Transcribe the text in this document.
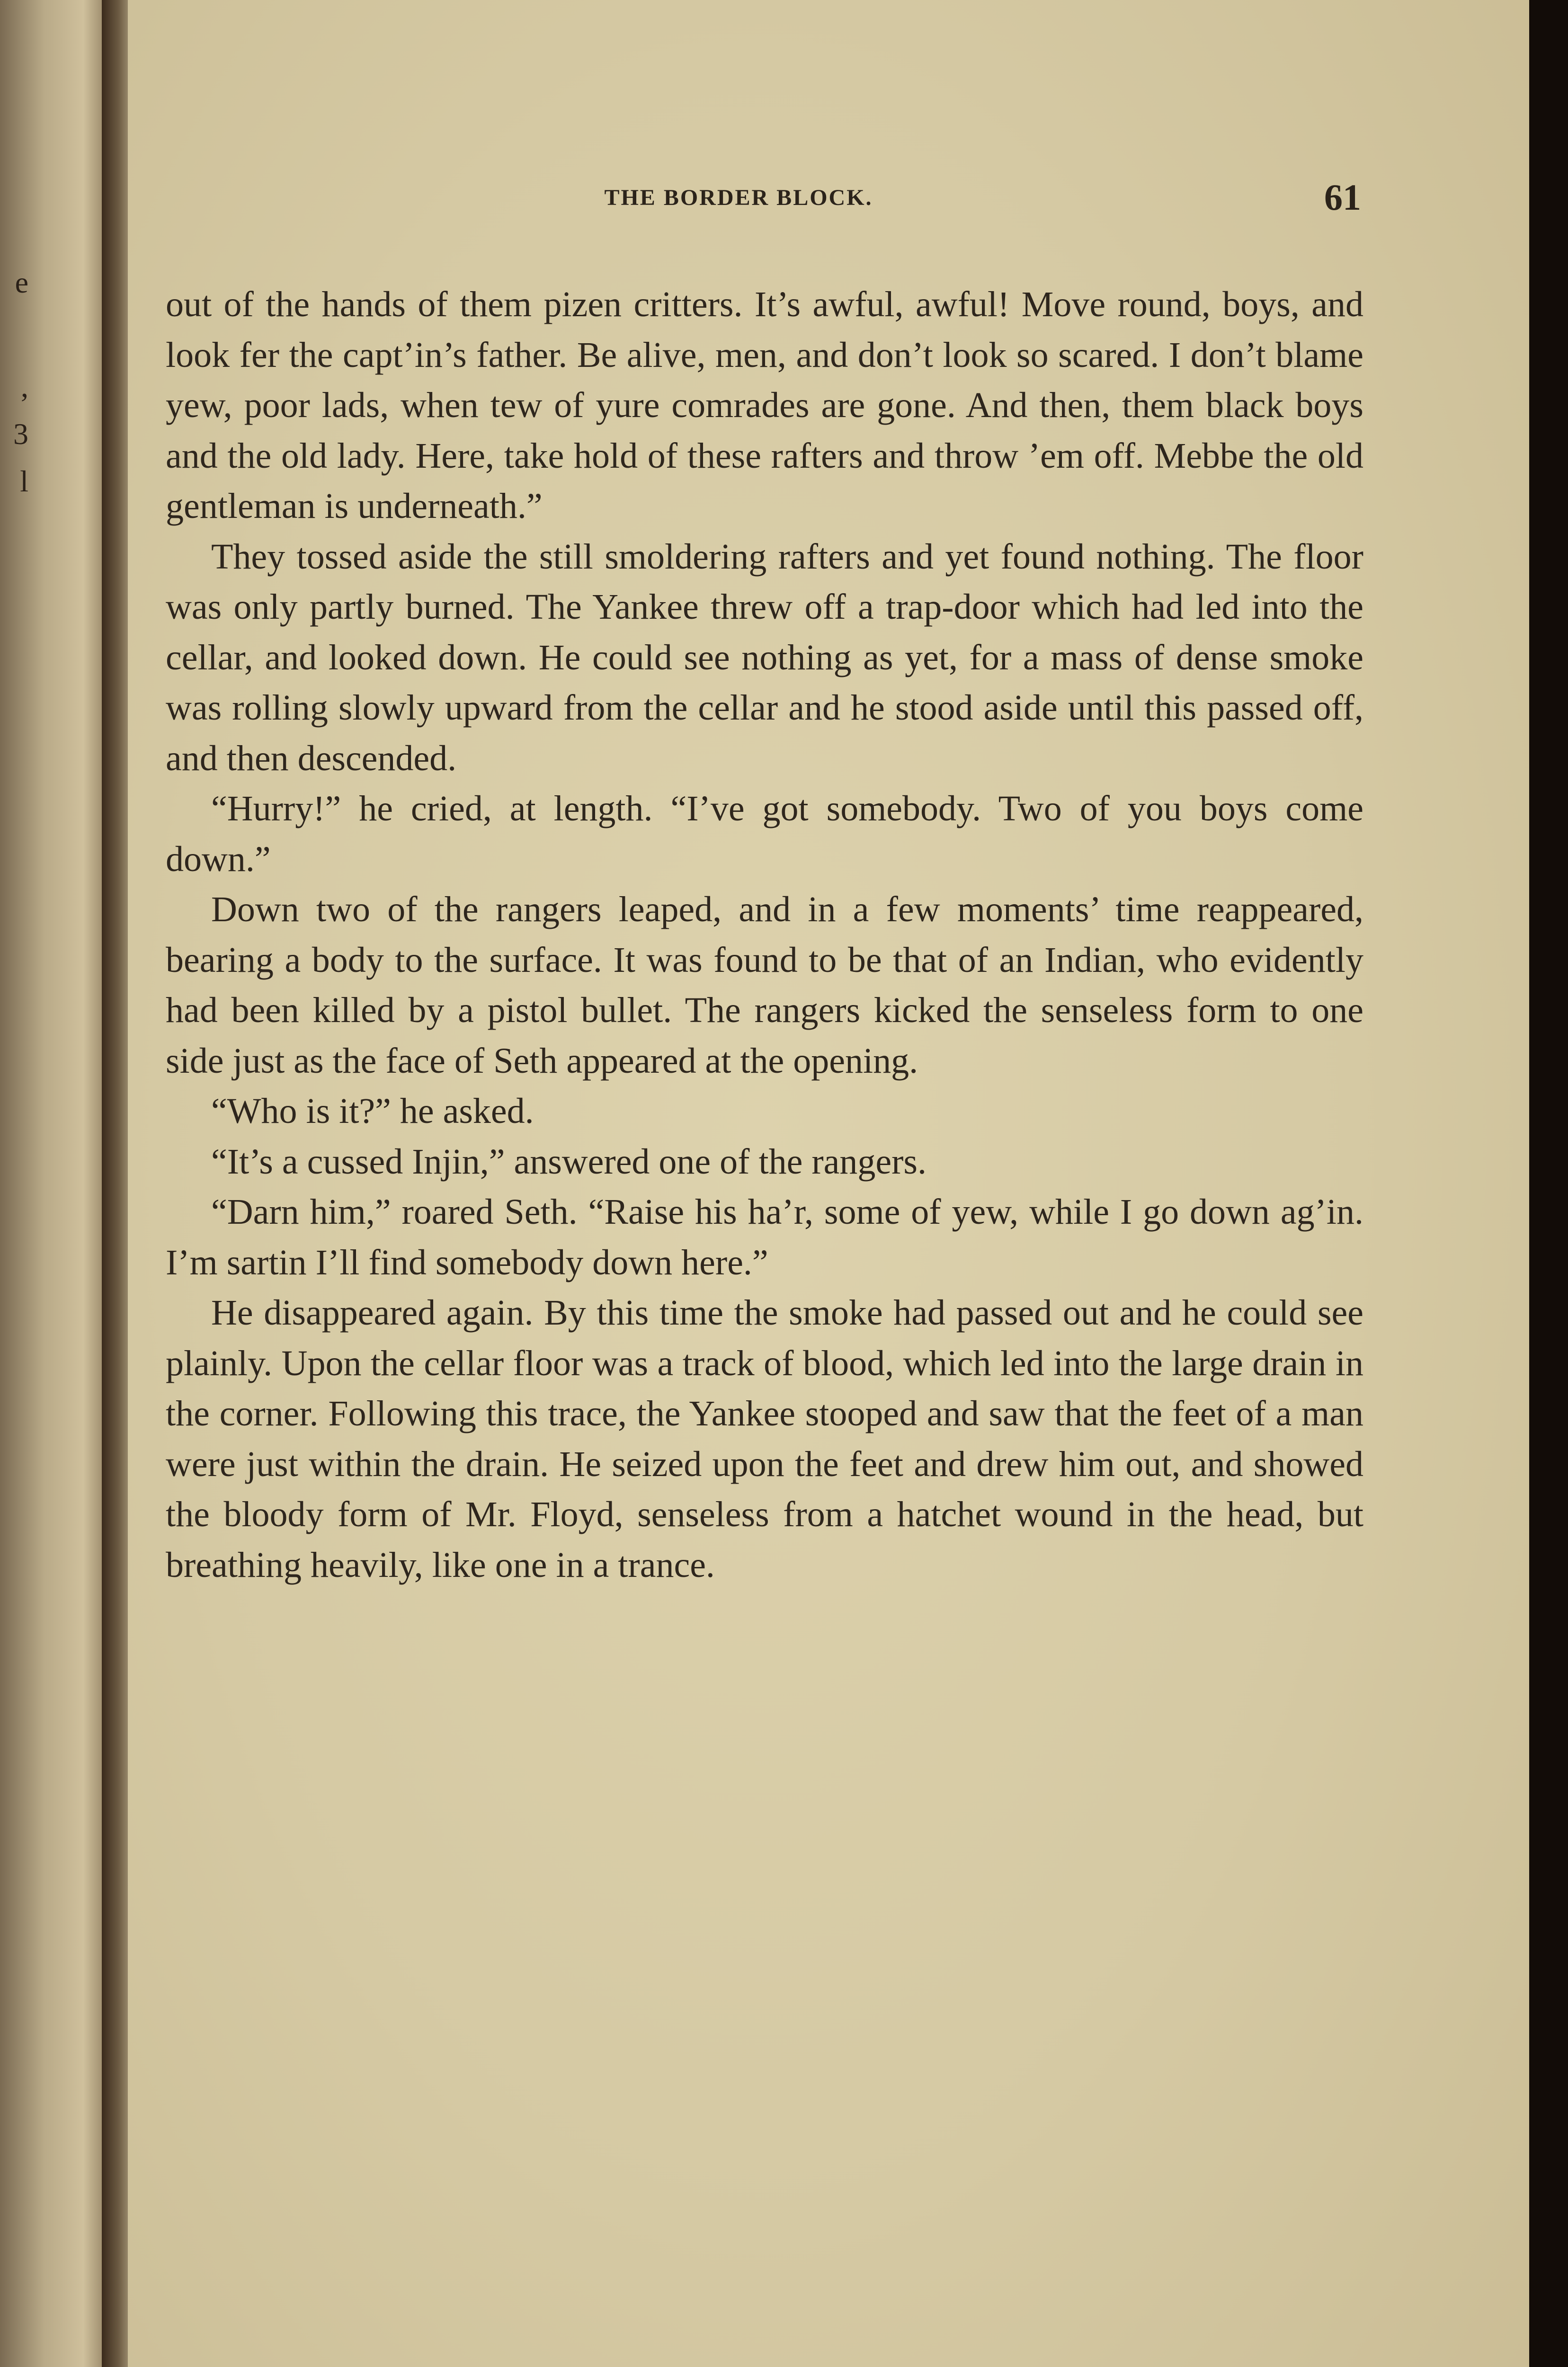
e
,
3
l
THE BORDER BLOCK.	61

out of the hands of them pizen critters. It’s awful, awful! Move round, boys, and look fer the capt’in’s father. Be alive, men, and don’t look so scared. I don’t blame yew, poor lads, when tew of yure comrades are gone. And then, them black boys and the old lady. Here, take hold of these rafters and throw ’em off. Mebbe the old gentleman is underneath.”

They tossed aside the still smoldering rafters and yet found nothing. The floor was only partly burned. The Yankee threw off a trap-door which had led into the cellar, and looked down. He could see nothing as yet, for a mass of dense smoke was rolling slowly upward from the cellar and he stood aside until this passed off, and then descended.

“Hurry!” he cried, at length. “I’ve got somebody. Two of you boys come down.”

Down two of the rangers leaped, and in a few moments’ time reappeared, bearing a body to the surface. It was found to be that of an Indian, who evidently had been killed by a pistol bullet. The rangers kicked the senseless form to one side just as the face of Seth appeared at the opening.

“Who is it?” he asked.

“It’s a cussed Injin,” answered one of the rangers.

“Darn him,” roared Seth. “Raise his ha’r, some of yew, while I go down ag’in. I’m sartin I’ll find somebody down here.”

He disappeared again. By this time the smoke had passed out and he could see plainly. Upon the cellar floor was a track of blood, which led into the large drain in the corner. Following this trace, the Yankee stooped and saw that the feet of a man were just within the drain. He seized upon the feet and drew him out, and showed the bloody form of Mr. Floyd, senseless from a hatchet wound in the head, but breathing heavily, like one in a trance.
